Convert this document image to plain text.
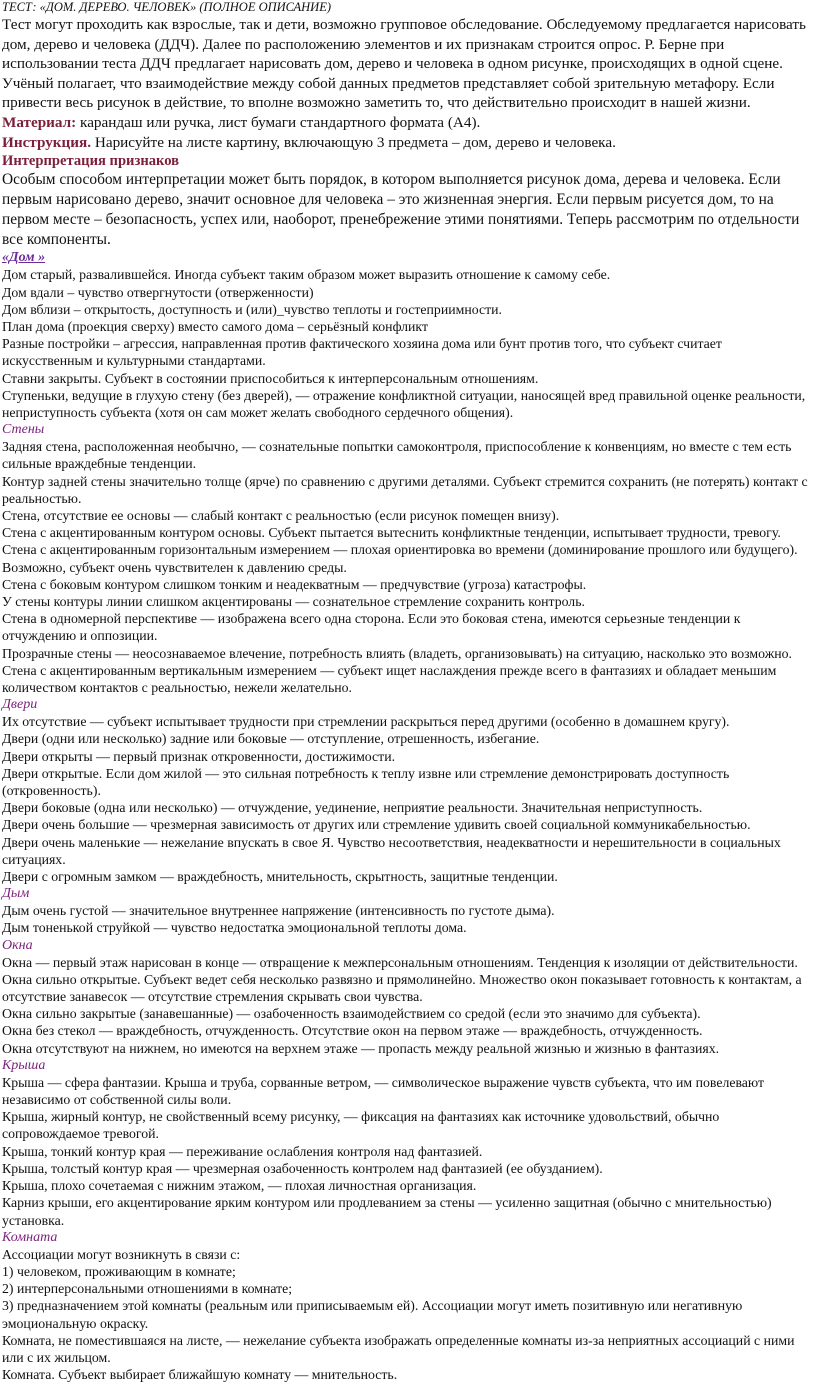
ТЕСТ: «ДОМ. ДЕРЕВО. ЧЕЛОВЕК» (ПОЛНОЕ ОПИСАНИЕ)

Тест могут проходить как взрослые, так и дети, возможно групповое обследование. Обследуемому предлагается нарисовать дом, дерево и человека (ДДЧ). Далее по расположению элементов и их признакам строится опрос. Р. Берне при использовании теста ДДЧ предлагает нарисовать дом, дерево и человека в одном рисунке, происходящих в одной сцене. Учёный полагает, что взаимодействие между собой данных предметов представляет собой зрительную метафору. Если привести весь рисунок в действие, то вполне возможно заметить то, что действительно происходит в нашей жизни.

Материал: карандаш или ручка, лист бумаги стандартного формата (А4).

Инструкция. Нарисуйте на листе картину, включающую 3 предмета – дом, дерево и человека.

Интерпретация признаков

Особым способом интерпретации может быть порядок, в котором выполняется рисунок дома, дерева и человека. Если первым нарисовано дерево, значит основное для человека – это жизненная энергия. Если первым рисуется дом, то на первом месте – безопасность, успех или, наоборот, пренебрежение этими понятиями. Теперь рассмотрим по отдельности все компоненты.

«Дом »

Дом старый, развалившейся. Иногда субъект таким образом может выразить отношение к самому себе.

Дом вдали – чувство отвергнутости (отверженности)

Дом вблизи – открытость, доступность и (или)_чувство теплоты и гостеприимности.

План дома (проекция сверху) вместо самого дома – серьёзный конфликт

Разные постройки – агрессия, направленная против фактического хозяина дома или бунт против того, что субъект считает искусственным и культурными стандартами.

Ставни закрыты. Субъект в состоянии приспособиться к интерперсональным отношениям.

Ступеньки, ведущие в глухую стену (без дверей), — отражение конфликтной ситуации, наносящей вред правильной оценке реальности, неприступность субъекта (хотя он сам может желать свободного сердечного общения).

Стены

Задняя стена, расположенная необычно, — сознательные попытки самоконтроля, приспособление к конвенциям, но вместе с тем есть сильные враждебные тенденции.

Контур задней стены значительно толще (ярче) по сравнению с другими деталями. Субъект стремится сохранить (не потерять) контакт с реальностью.

Стена, отсутствие ее основы — слабый контакт с реальностью (если рисунок помещен внизу).

Стена с акцентированным контуром основы. Субъект пытается вытеснить конфликтные тенденции, испытывает трудности, тревогу.

Стена с акцентированным горизонтальным измерением — плохая ориентировка во времени (доминирование прошлого или будущего). Возможно, субъект очень чувствителен к давлению среды.

Стена с боковым контуром слишком тонким и неадекватным — предчувствие (угроза) катастрофы.

У стены контуры линии слишком акцентированы — сознательное стремление сохранить контроль.

Стена в одномерной перспективе — изображена всего одна сторона. Если это боковая стена, имеются серьезные тенденции к отчуждению и оппозиции.

Прозрачные стены — неосознаваемое влечение, потребность влиять (владеть, организовывать) на ситуацию, насколько это возможно.

Стена с акцентированным вертикальным измерением — субъект ищет наслаждения прежде всего в фантазиях и обладает меньшим количеством контактов с реальностью, нежели желательно.

Двери

Их отсутствие — субъект испытывает трудности при стремлении раскрыться перед другими (особенно в домашнем кругу).

Двери (одни или несколько) задние или боковые — отступление, отрешенность, избегание.

Двери открыты — первый признак откровенности, достижимости.

Двери открытые. Если дом жилой — это сильная потребность к теплу извне или стремление демонстрировать доступность (откровенность).

Двери боковые (одна или несколько) — отчуждение, уединение, неприятие реальности. Значительная неприступность.

Двери очень большие — чрезмерная зависимость от других или стремление удивить своей социальной коммуникабельностью.

Двери очень маленькие — нежелание впускать в свое Я. Чувство несоответствия, неадекватности и нерешительности в социальных ситуациях.

Двери с огромным замком — враждебность, мнительность, скрытность, защитные тенденции.

Дым

Дым очень густой — значительное внутреннее напряжение (интенсивность по густоте дыма).

Дым тоненькой струйкой — чувство недостатка эмоциональной теплоты дома.

Окна

Окна — первый этаж нарисован в конце — отвращение к межперсональным отношениям. Тенденция к изоляции от действительности.

Окна сильно открытые. Субъект ведет себя несколько развязно и прямолинейно. Множество окон показывает готовность к контактам, а отсутствие занавесок — отсутствие стремления скрывать свои чувства.

Окна сильно закрытые (занавешанные) — озабоченность взаимодействием со средой (если это значимо для субъекта).

Окна без стекол — враждебность, отчужденность. Отсутствие окон на первом этаже — враждебность, отчужденность.

Окна отсутствуют на нижнем, но имеются на верхнем этаже — пропасть между реальной жизнью и жизнью в фантазиях.

Крыша

Крыша — сфера фантазии. Крыша и труба, сорванные ветром, — символическое выражение чувств субъекта, что им повелевают независимо от собственной силы воли.

Крыша, жирный контур, не свойственный всему рисунку, — фиксация на фантазиях как источнике удовольствий, обычно сопровождаемое тревогой.

Крыша, тонкий контур края — переживание ослабления контроля над фантазией.

Крыша, толстый контур края — чрезмерная озабоченность контролем над фантазией (ее обузданием).

Крыша, плохо сочетаемая с нижним этажом, — плохая личностная организация.

Карниз крыши, его акцентирование ярким контуром или продлеванием за стены — усиленно защитная (обычно с мнительностью) установка.

Комната

Ассоциации могут возникнуть в связи с:

1) человеком, проживающим в комнате;

2) интерперсональными отношениями в комнате;

3) предназначением этой комнаты (реальным или приписываемым ей). Ассоциации могут иметь позитивную или негативную эмоциональную окраску.

Комната, не поместившаяся на листе, — нежелание субъекта изображать определенные комнаты из-за неприятных ассоциаций с ними или с их жильцом.

Комната. Субъект выбирает ближайшую комнату — мнительность.
